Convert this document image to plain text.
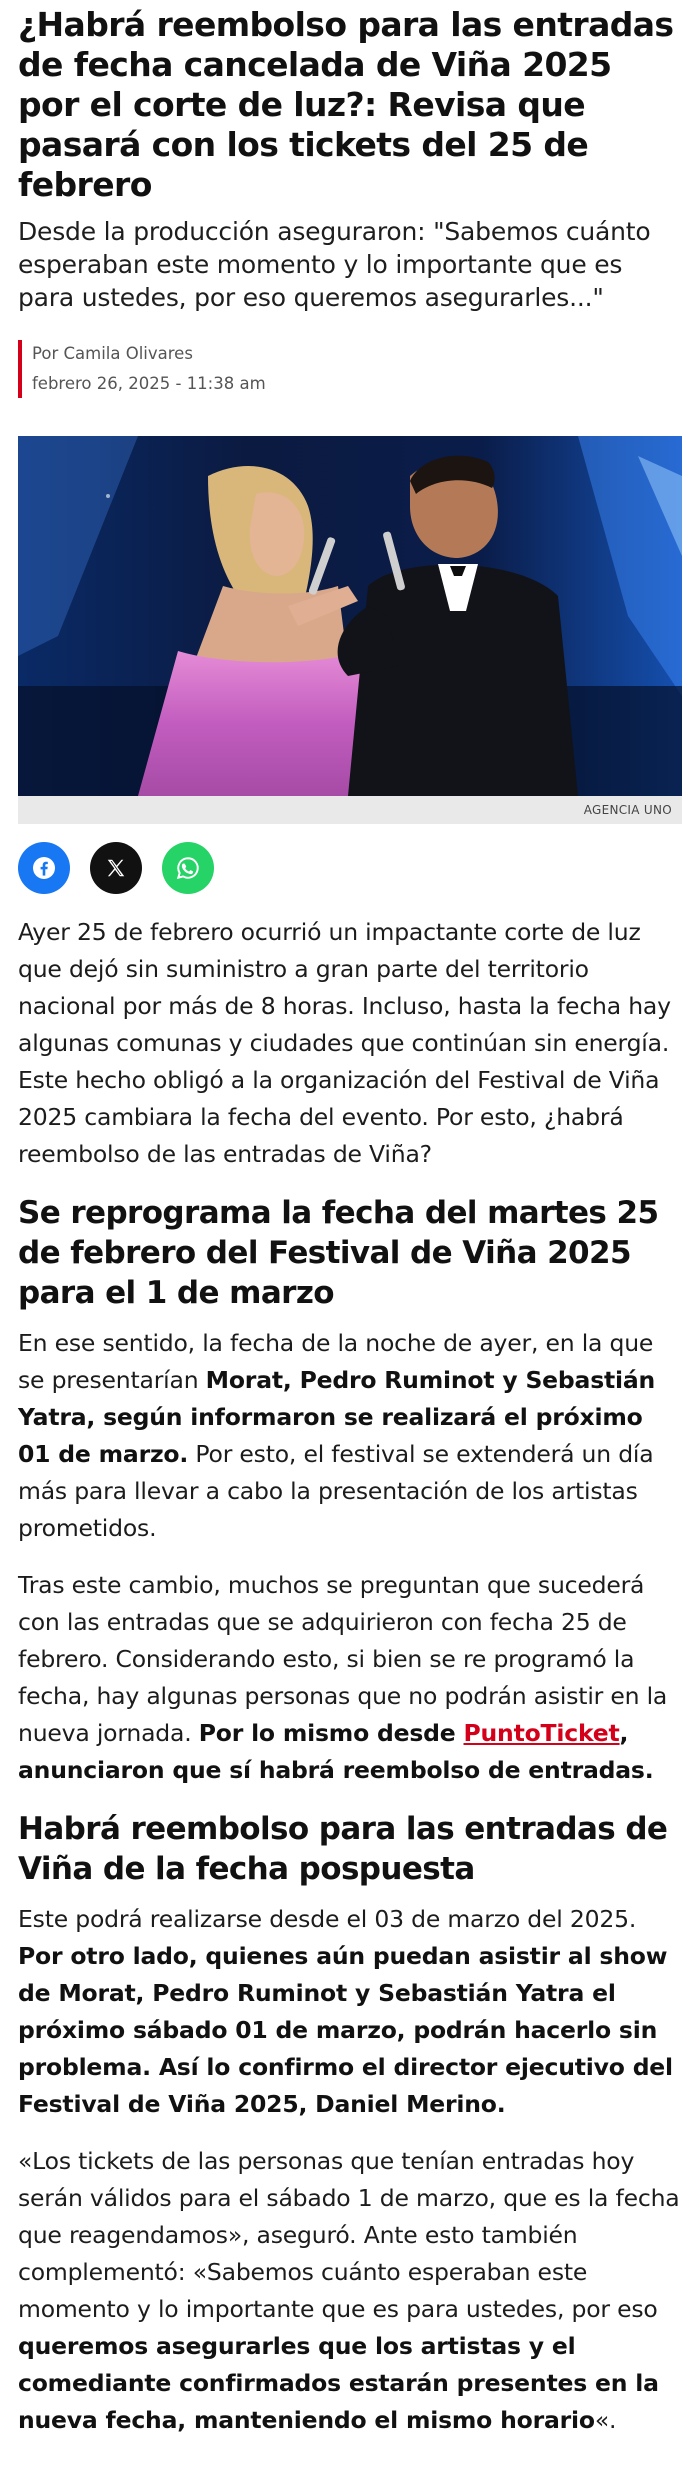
¿Habrá reembolso para las entradas de fecha cancelada de Viña 2025 por el corte de luz?: Revisa que pasará con los tickets del 25 de febrero

Desde la producción aseguraron: "Sabemos cuánto esperaban este momento y lo importante que es para ustedes, por eso queremos asegurarles..."

Por Camila Olivares
febrero 26, 2025 - 11:38 am
AGENCIA UNO

Ayer 25 de febrero ocurrió un impactante corte de luz que dejó sin suministro a gran parte del territorio nacional por más de 8 horas. Incluso, hasta la fecha hay algunas comunas y ciudades que continúan sin energía. Este hecho obligó a la organización del Festival de Viña 2025 cambiara la fecha del evento. Por esto, ¿habrá reembolso de las entradas de Viña?

Se reprograma la fecha del martes 25 de febrero del Festival de Viña 2025 para el 1 de marzo

En ese sentido, la fecha de la noche de ayer, en la que se presentarían Morat, Pedro Ruminot y Sebastián Yatra, según informaron se realizará el próximo 01 de marzo. Por esto, el festival se extenderá un día más para llevar a cabo la presentación de los artistas prometidos.

Tras este cambio, muchos se preguntan que sucederá con las entradas que se adquirieron con fecha 25 de febrero. Considerando esto, si bien se re programó la fecha, hay algunas personas que no podrán asistir en la nueva jornada. Por lo mismo desde PuntoTicket, anunciaron que sí habrá reembolso de entradas.

Habrá reembolso para las entradas de Viña de la fecha pospuesta

Este podrá realizarse desde el 03 de marzo del 2025. Por otro lado, quienes aún puedan asistir al show de Morat, Pedro Ruminot y Sebastián Yatra el próximo sábado 01 de marzo, podrán hacerlo sin problema. Así lo confirmo el director ejecutivo del Festival de Viña 2025, Daniel Merino.

«Los tickets de las personas que tenían entradas hoy serán válidos para el sábado 1 de marzo, que es la fecha que reagendamos», aseguró. Ante esto también complementó: «Sabemos cuánto esperaban este momento y lo importante que es para ustedes, por eso queremos asegurarles que los artistas y el comediante confirmados estarán presentes en la nueva fecha, manteniendo el mismo horario«.
